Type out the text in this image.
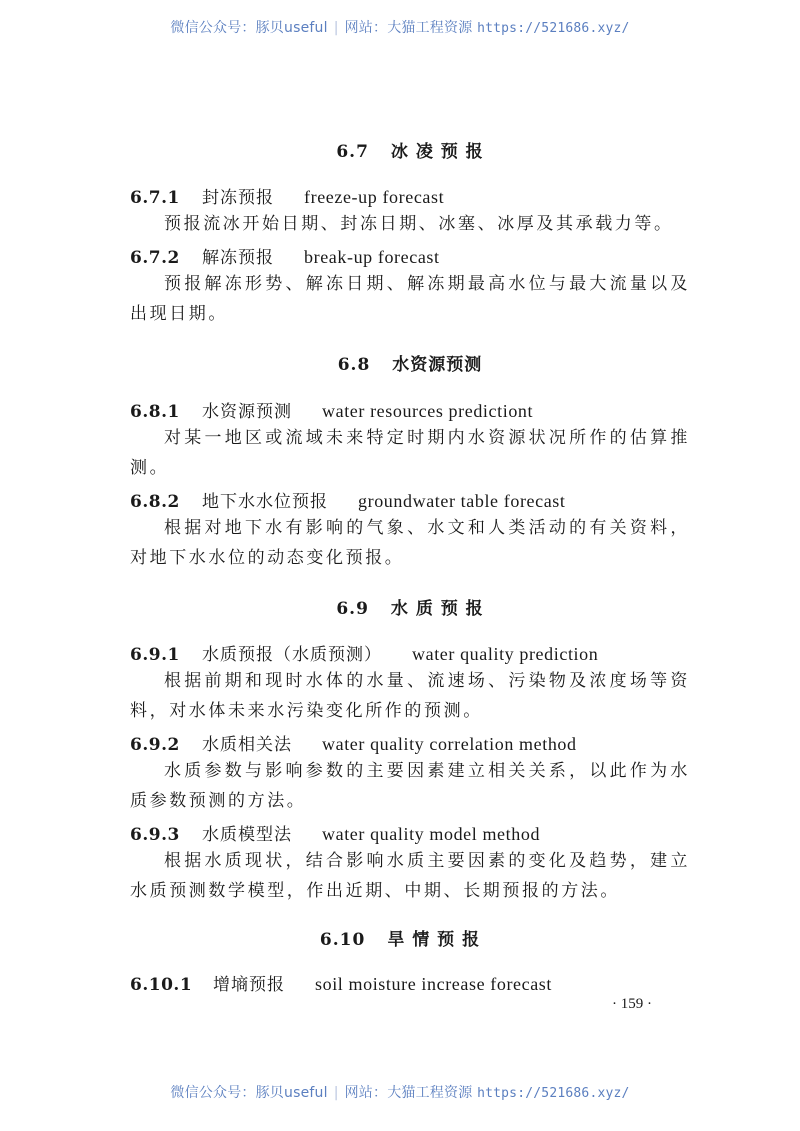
微信公众号：豚贝useful | 网站：大猫工程资源 https://521686.xyz/
6.7 冰 凌 预 报
6.7.1 封冻预报 freeze-up forecast
预报流冰开始日期、封冻日期、冰塞、冰厚及其承载力等。
6.7.2 解冻预报 break-up forecast
预报解冻形势、解冻日期、解冻期最高水位与最大流量以及出现日期。
6.8 水资源预测
6.8.1 水资源预测 water resources predictiont
对某一地区或流域未来特定时期内水资源状况所作的估算推测。
6.8.2 地下水水位预报 groundwater table forecast
根据对地下水有影响的气象、水文和人类活动的有关资料，对地下水水位的动态变化预报。
6.9 水 质 预 报
6.9.1 水质预报（水质预测） water quality prediction
根据前期和现时水体的水量、流速场、污染物及浓度场等资料，对水体未来水污染变化所作的预测。
6.9.2 水质相关法 water quality correlation method
水质参数与影响参数的主要因素建立相关关系，以此作为水质参数预测的方法。
6.9.3 水质模型法 water quality model method
根据水质现状，结合影响水质主要因素的变化及趋势，建立水质预测数学模型，作出近期、中期、长期预报的方法。
6.10 旱 情 预 报
6.10.1 增墒预报 soil moisture increase forecast
· 159 ·
微信公众号：豚贝useful | 网站：大猫工程资源 https://521686.xyz/
